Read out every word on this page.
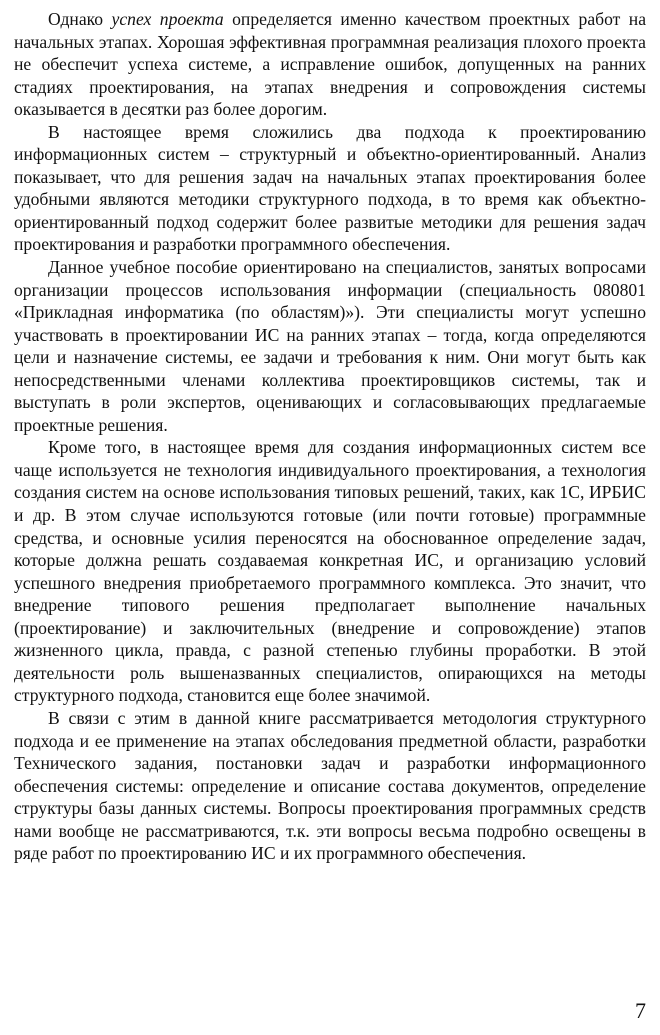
Однако успех проекта определяется именно качеством проектных работ на начальных этапах. Хорошая эффективная программная реализация плохого проекта не обеспечит успеха системе, а исправление ошибок, допущенных на ранних стадиях проектирования, на этапах внедрения и сопровождения системы оказывается в десятки раз более дорогим.

В настоящее время сложились два подхода к проектированию информационных систем – структурный и объектно-ориентированный. Анализ показывает, что для решения задач на начальных этапах проектирования более удобными являются методики структурного подхода, в то время как объектно-ориентированный подход содержит более развитые методики для решения задач проектирования и разработки программного обеспечения.

Данное учебное пособие ориентировано на специалистов, занятых вопросами организации процессов использования информации (специальность 080801 «Прикладная информатика (по областям)»). Эти специалисты могут успешно участвовать в проектировании ИС на ранних этапах – тогда, когда определяются цели и назначение системы, ее задачи и требования к ним. Они могут быть как непосредственными членами коллектива проектировщиков системы, так и выступать в роли экспертов, оценивающих и согласовывающих предлагаемые проектные решения.

Кроме того, в настоящее время для создания информационных систем все чаще используется не технология индивидуального проектирования, а технология создания систем на основе использования типовых решений, таких, как 1С, ИРБИС и др. В этом случае используются готовые (или почти готовые) программные средства, и основные усилия переносятся на обоснованное определение задач, которые должна решать создаваемая конкретная ИС, и организацию условий успешного внедрения приобретаемого программного комплекса. Это значит, что внедрение типового решения предполагает выполнение начальных (проектирование) и заключительных (внедрение и сопровождение) этапов жизненного цикла, правда, с разной степенью глубины проработки. В этой деятельности роль вышеназванных специалистов, опирающихся на методы структурного подхода, становится еще более значимой.

В связи с этим в данной книге рассматривается методология структурного подхода и ее применение на этапах обследования предметной области, разработки Технического задания, постановки задач и разработки информационного обеспечения системы: определение и описание состава документов, определение структуры базы данных системы. Вопросы проектирования программных средств нами вообще не рассматриваются, т.к. эти вопросы весьма подробно освещены в ряде работ по проектированию ИС и их программного обеспечения.

7
